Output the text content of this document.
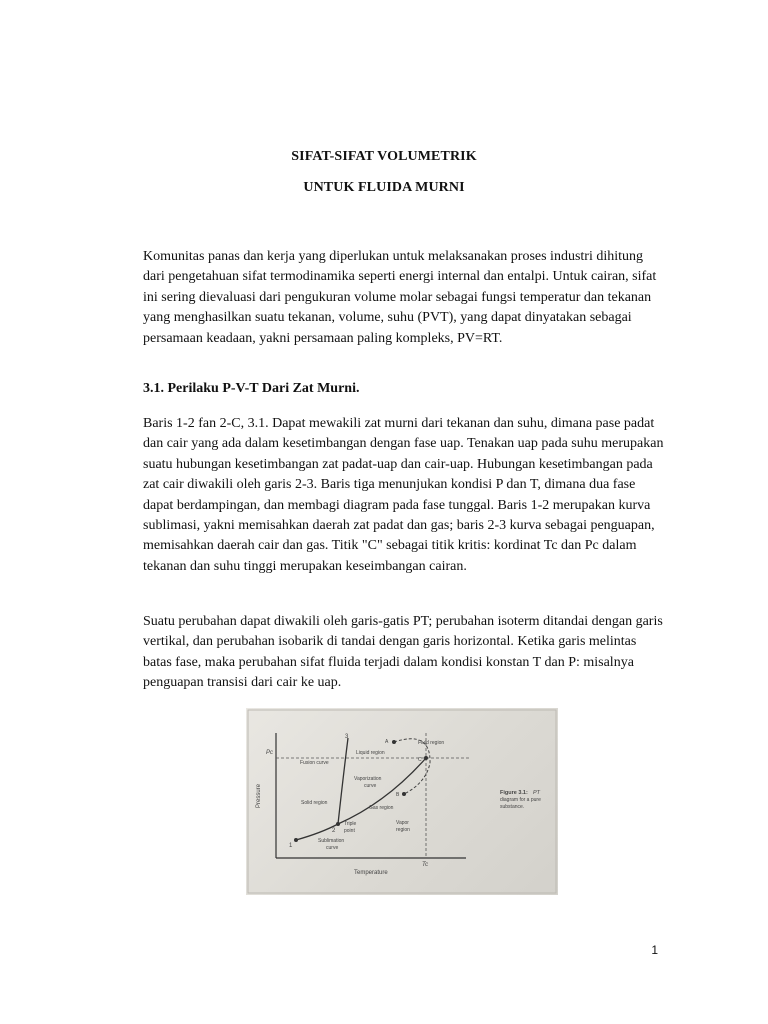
SIFAT-SIFAT VOLUMETRIK
UNTUK FLUIDA MURNI

Komunitas panas dan kerja yang diperlukan untuk melaksanakan proses industri dihitung dari pengetahuan sifat termodinamika seperti energi internal dan entalpi. Untuk cairan, sifat ini sering dievaluasi dari pengukuran volume molar sebagai fungsi temperatur dan tekanan yang menghasilkan suatu tekanan, volume, suhu (PVT), yang dapat dinyatakan sebagai persamaan keadaan, yakni persamaan paling kompleks, PV=RT.

3.1. Perilaku P-V-T Dari Zat Murni.

Baris 1-2 fan 2-C, 3.1. Dapat mewakili zat murni dari tekanan dan suhu, dimana pase padat dan cair yang ada dalam kesetimbangan dengan fase uap. Tenakan uap pada suhu merupakan suatu hubungan kesetimbangan zat padat-uap dan cair-uap. Hubungan kesetimbangan pada zat cair diwakili oleh garis 2-3. Baris tiga menunjukan kondisi P dan T, dimana dua fase dapat berdampingan, dan membagi diagram pada fase tunggal. Baris 1-2 merupakan kurva sublimasi, yakni memisahkan daerah zat padat dan gas; baris 2-3 kurva sebagai penguapan, memisahkan daerah cair dan gas. Titik "C" sebagai titik kritis: kordinat Tc dan Pc dalam tekanan dan suhu tinggi merupakan keseimbangan cairan.

Suatu perubahan dapat diwakili oleh garis-gatis PT; perubahan isoterm ditandai dengan garis vertikal, dan perubahan isobarik di tandai dengan garis horizontal. Ketika garis melintas batas fase, maka perubahan sifat fluida terjadi dalam kondisi konstan T dan P: misalnya penguapan transisi dari cair ke uap.

Pressure
Temperature
Pc
Tc
Fusion curve
Liquid region
Fluid region
Vaporization
curve
Solid region
Gas region
Vapor
region
Triple
point
Sublimation
curve
1
2
3
A
B
C
Figure 3.1: PT
diagram for a pure
substance.
1
